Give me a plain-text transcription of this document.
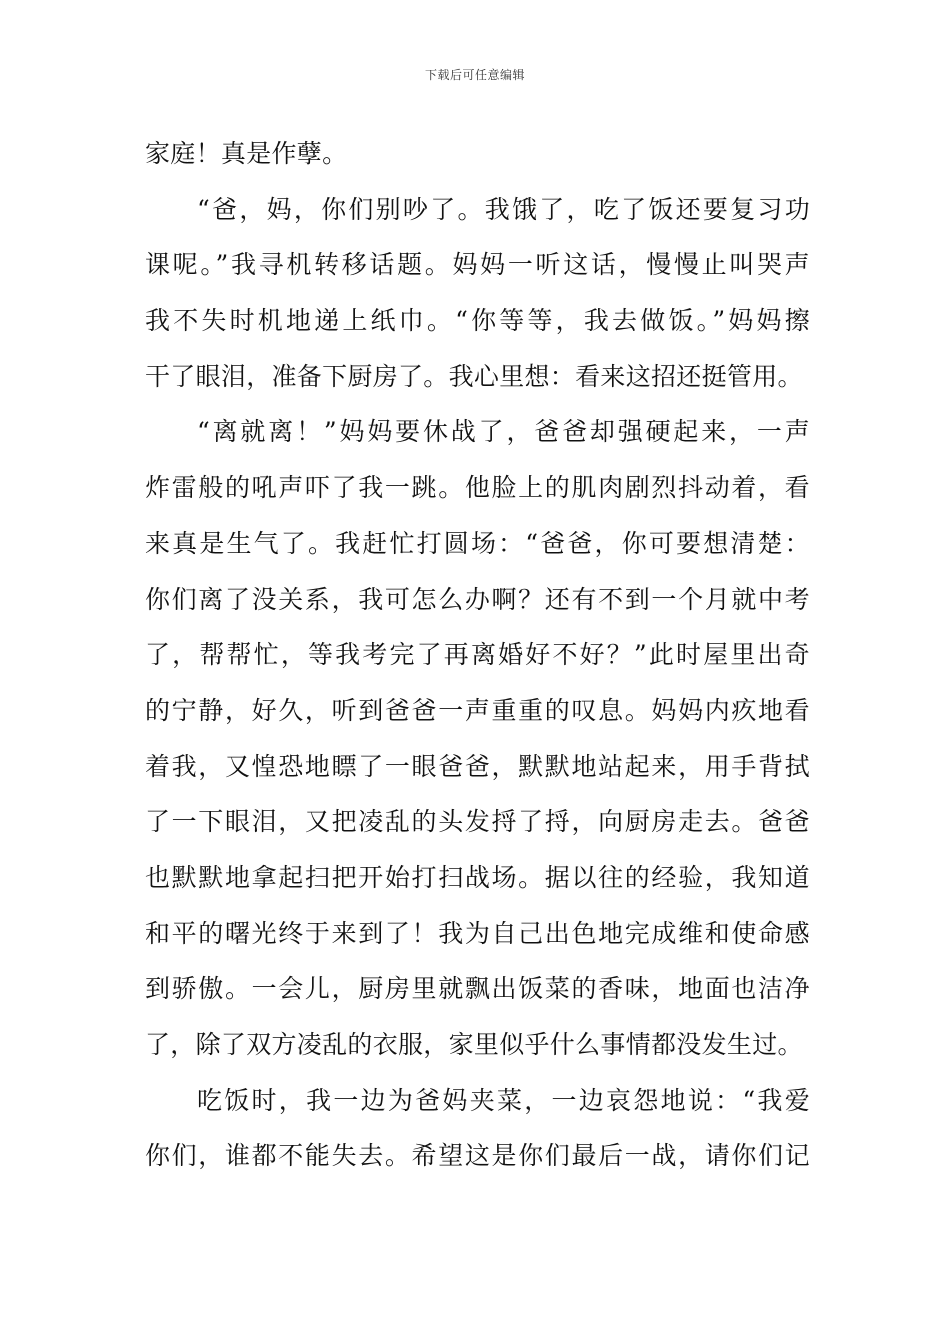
下载后可任意编辑
家庭！真是作孽。
“爸，妈，你们别吵了。我饿了，吃了饭还要复习功
课呢。”我寻机转移话题。妈妈一听这话，慢慢止叫哭声
我不失时机地递上纸巾。“你等等，我去做饭。”妈妈擦
干了眼泪，准备下厨房了。我心里想：看来这招还挺管用。
“离就离！”妈妈要休战了，爸爸却强硬起来，一声
炸雷般的吼声吓了我一跳。他脸上的肌肉剧烈抖动着，看
来真是生气了。我赶忙打圆场：“爸爸，你可要想清楚：
你们离了没关系，我可怎么办啊？还有不到一个月就中考
了，帮帮忙，等我考完了再离婚好不好？”此时屋里出奇
的宁静，好久，听到爸爸一声重重的叹息。妈妈内疚地看
着我，又惶恐地瞟了一眼爸爸，默默地站起来，用手背拭
了一下眼泪，又把凌乱的头发捋了捋，向厨房走去。爸爸
也默默地拿起扫把开始打扫战场。据以往的经验，我知道
和平的曙光终于来到了！我为自己出色地完成维和使命感
到骄傲。一会儿，厨房里就飘出饭菜的香味，地面也洁净
了，除了双方凌乱的衣服，家里似乎什么事情都没发生过。
吃饭时，我一边为爸妈夹菜，一边哀怨地说：“我爱
你们，谁都不能失去。希望这是你们最后一战，请你们记
